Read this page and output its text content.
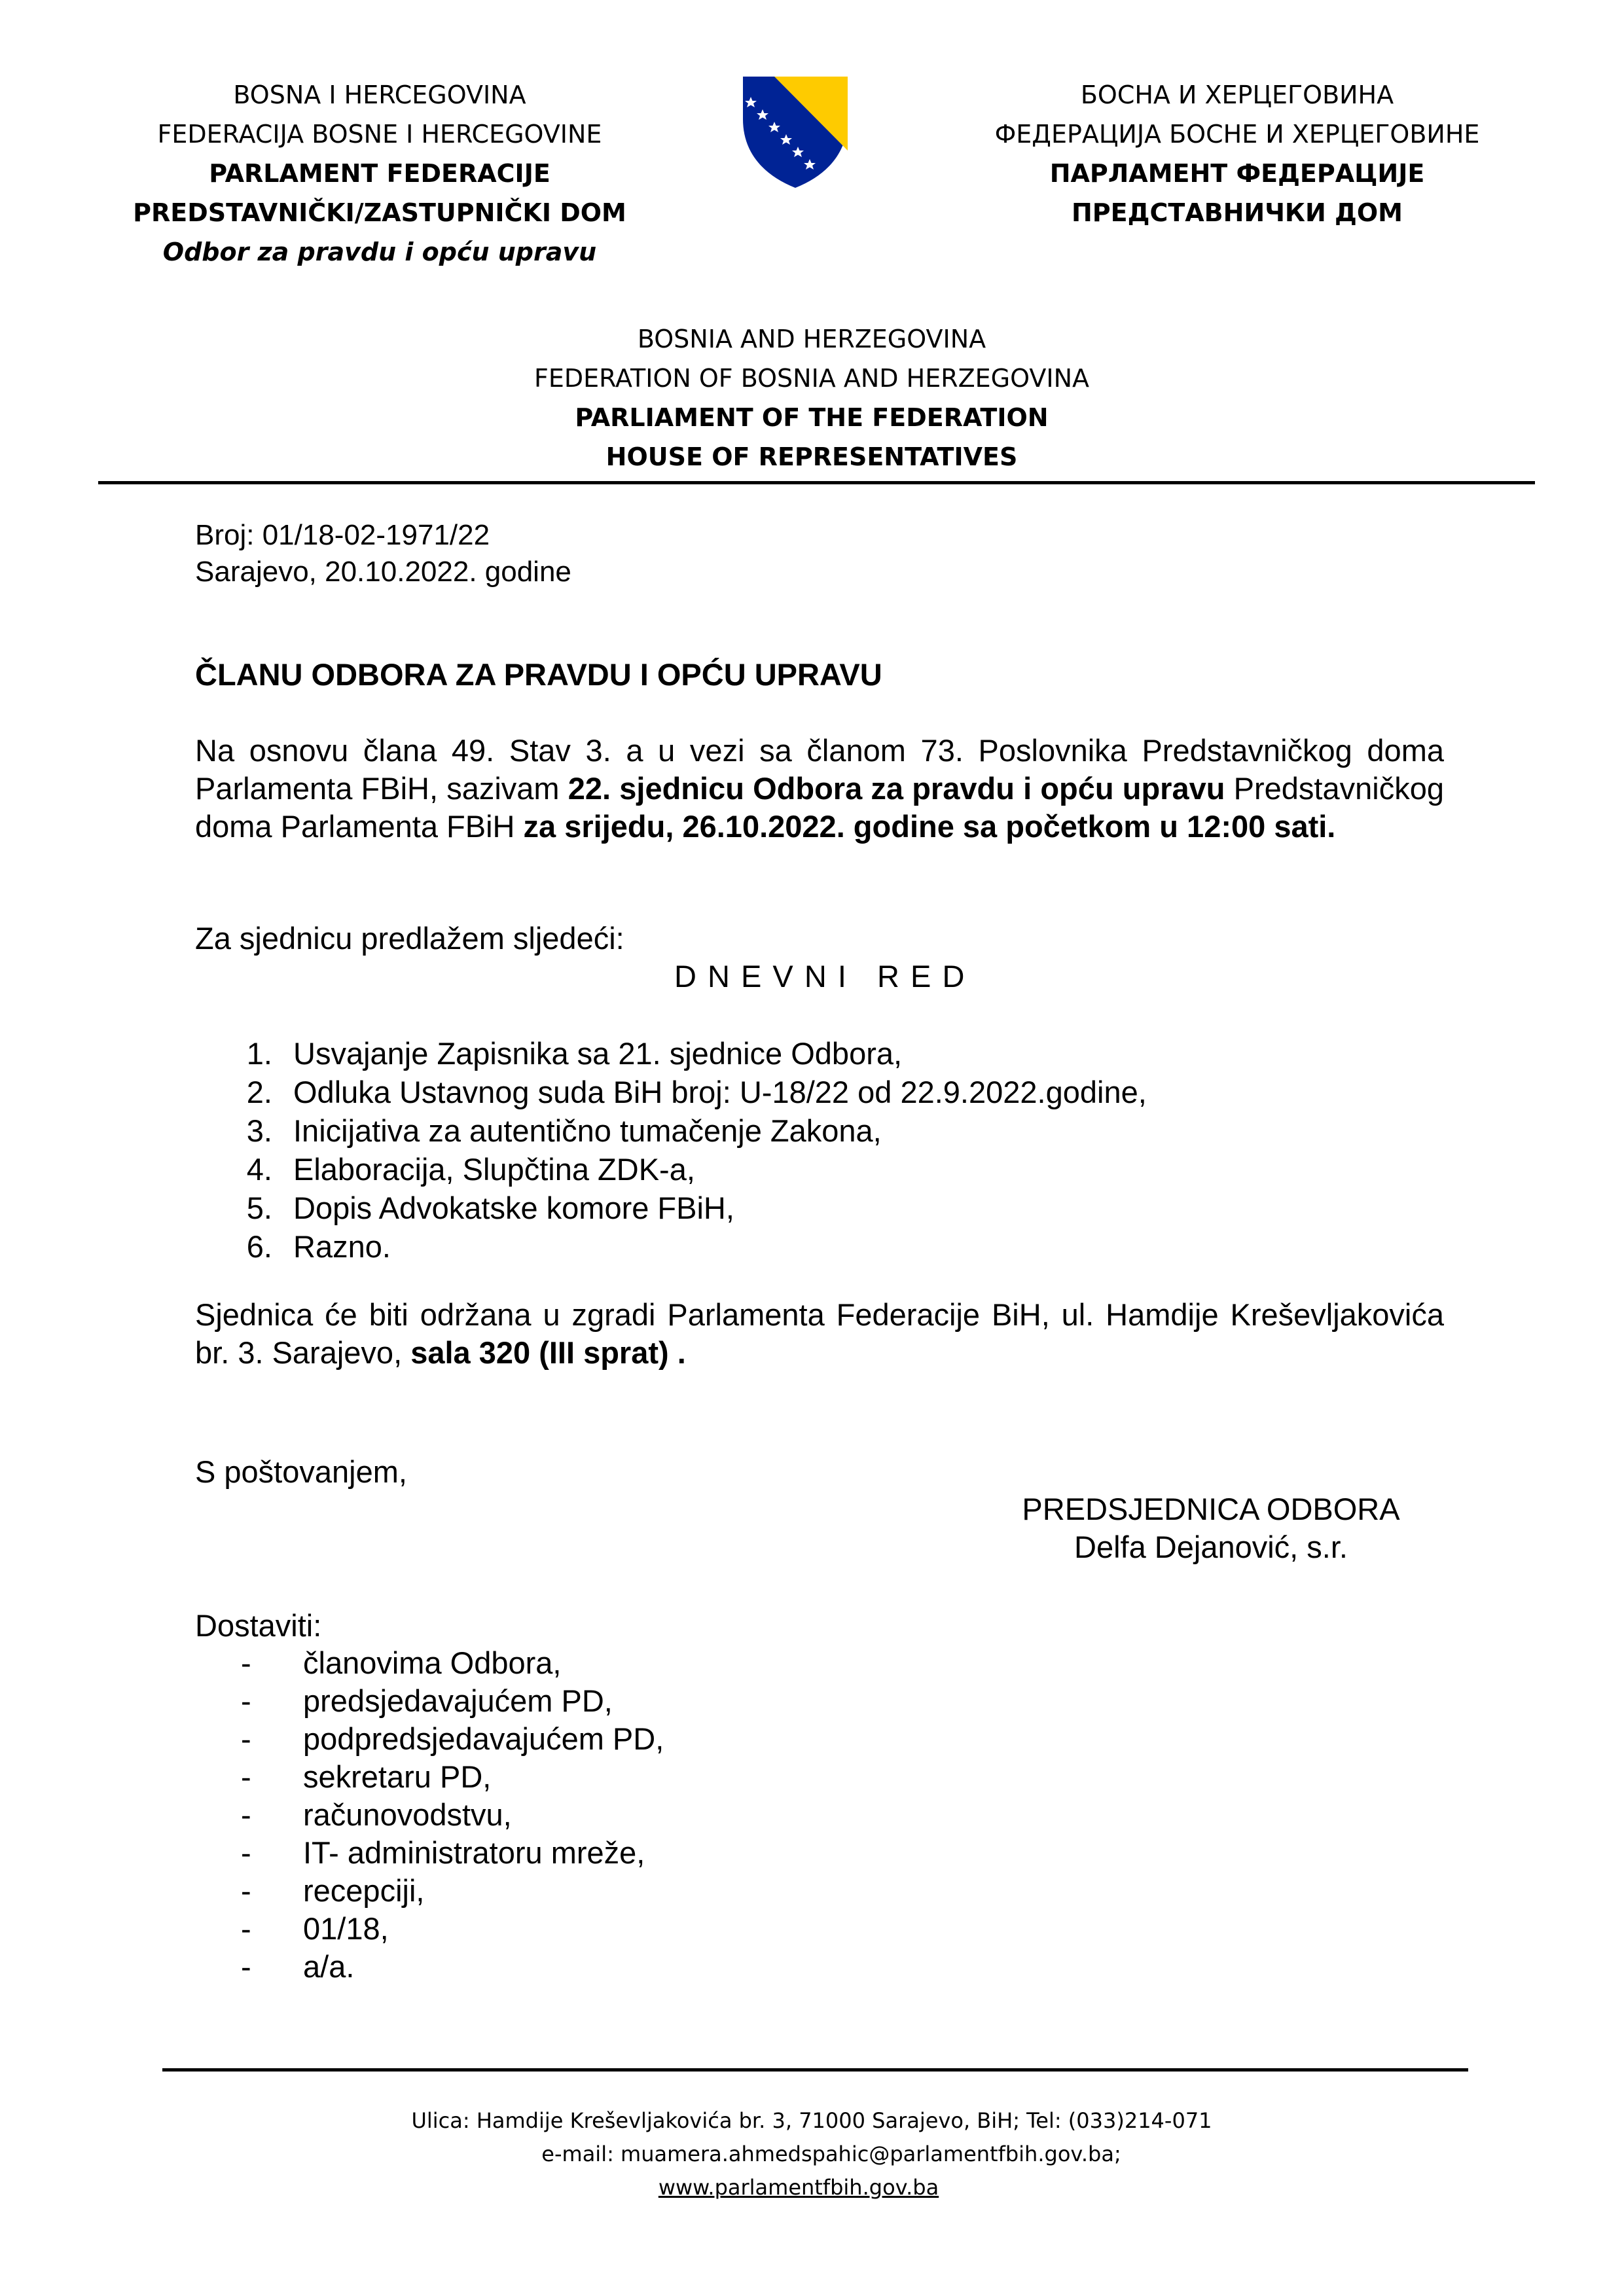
BOSNA I HERCEGOVINA
FEDERACIJA BOSNE I HERCEGOVINE
PARLAMENT FEDERACIJE
PREDSTAVNIČKI/ZASTUPNIČKI DOM
Odbor za pravdu i opću upravu
БОСНА И ХЕРЦЕГОВИНА
ФЕДЕРАЦИЈА БОСНЕ И ХЕРЦЕГОВИНЕ
ПАРЛАМЕНТ ФЕДЕРАЦИЈЕ
ПРЕДСТАВНИЧКИ ДОМ
BOSNIA AND HERZEGOVINA
FEDERATION OF BOSNIA AND HERZEGOVINA
PARLIAMENT OF THE FEDERATION
HOUSE OF REPRESENTATIVES
Broj: 01/18-02-1971/22
Sarajevo, 20.10.2022. godine
ČLANU ODBORA ZA PRAVDU I OPĆU UPRAVU
Na osnovu člana 49. Stav 3. a u vezi sa članom 73. Poslovnika Predstavničkog doma Parlamenta FBiH, sazivam 22. sjednicu Odbora za pravdu i opću upravu Predstavničkog doma Parlamenta FBiH za srijedu, 26.10.2022. godine sa početkom u 12:00 sati.
Za sjednicu predlažem sljedeći:
D N E V N I   R E D
1. Usvajanje Zapisnika sa 21. sjednice Odbora,
2. Odluka Ustavnog suda BiH broj: U-18/22 od 22.9.2022.godine,
3. Inicijativa za autentično tumačenje Zakona,
4. Elaboracija, Slupčtina ZDK-a,
5. Dopis Advokatske komore FBiH,
6. Razno.
Sjednica će biti održana u zgradi Parlamenta Federacije BiH, ul. Hamdije Kreševljakovića br. 3. Sarajevo, sala 320 (III sprat) .
S poštovanjem,
PREDSJEDNICA ODBORA
Delfa Dejanović, s.r.
Dostaviti:
- članovima Odbora,
- predsjedavajućem PD,
- podpredsjedavajućem PD,
- sekretaru PD,
- računovodstvu,
- IT- administratoru mreže,
- recepciji,
- 01/18,
- a/a.
Ulica: Hamdije Kreševljakovića br. 3, 71000 Sarajevo, BiH; Tel: (033)214-071
e-mail: muamera.ahmedspahic@parlamentfbih.gov.ba;
www.parlamentfbih.gov.ba
